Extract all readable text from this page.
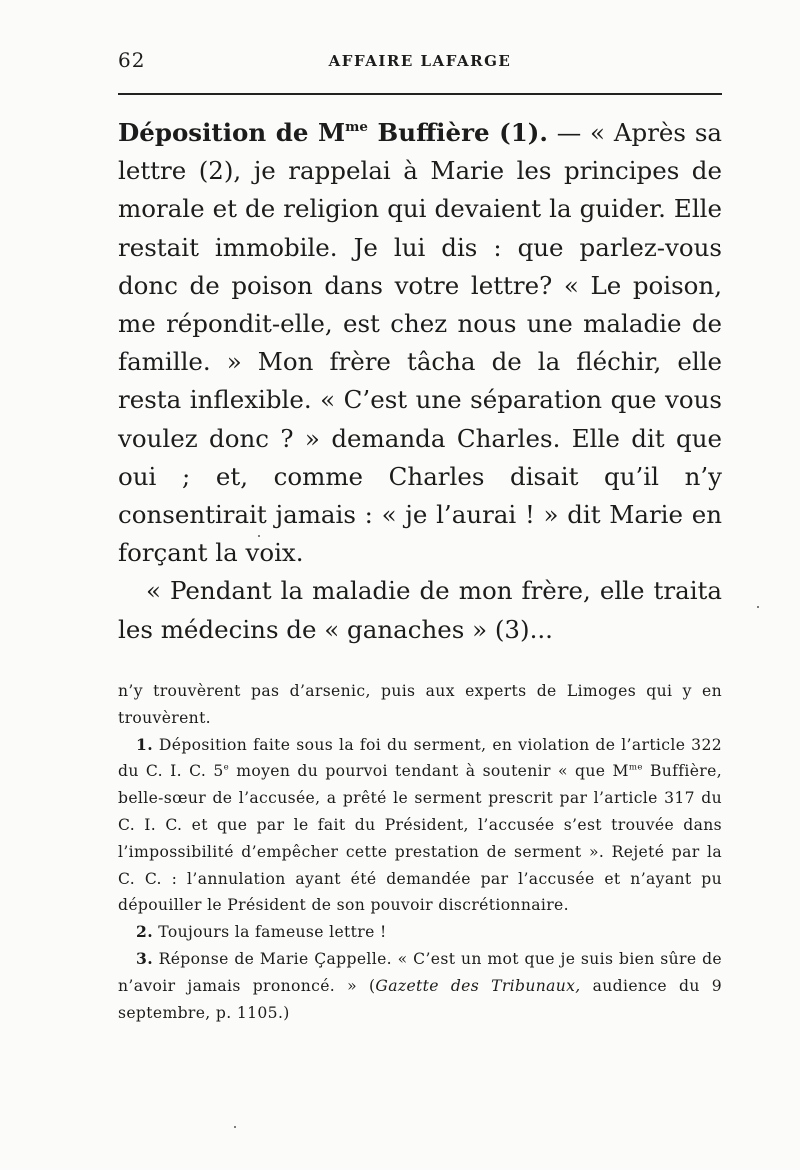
62	AFFAIRE LAFARGE

Déposition de $M^{me}$ Buffière (1). — « Après sa lettre (2), je rappelai à Marie les principes de morale et de religion qui devaient la guider. Elle restait immobile. Je lui dis : que parlez-vous donc de poison dans votre lettre? « Le poison, me répondit-elle, est chez nous une maladie de famille. » Mon frère tâcha de la fléchir, elle resta inflexible. « C’est une séparation que vous voulez donc ? » demanda Charles. Elle dit que oui ; et, comme Charles disait qu’il n’y consentirait jamais : « je l’aurai ! » dit Marie en forçant la voix.

« Pendant la maladie de mon frère, elle traita les médecins de « ganaches » (3)...

n’y trouvèrent pas d’arsenic, puis aux experts de Limoges qui y en trouvèrent.

1. Déposition faite sous la foi du serment, en violation de l’article 322 du C. I. C. 5e moyen du pourvoi tendant à soutenir « que $M^{me}$ Buffière, belle-sœur de l’accusée, a prêté le serment prescrit par l’article 317 du C. I. C. et que par le fait du Président, l’accusée s’est trouvée dans l’impossibilité d’empêcher cette prestation de serment ». Rejeté par la C. C. : l’annulation ayant été demandée par l’accusée et n’ayant pu dépouiller le Président de son pouvoir discrétionnaire.

2. Toujours la fameuse lettre !

3. Réponse de Marie Çappelle. « C’est un mot que je suis bien sûre de n’avoir jamais prononcé. » (Gazette des Tribunaux, audience du 9 septembre, p. 1105.)
